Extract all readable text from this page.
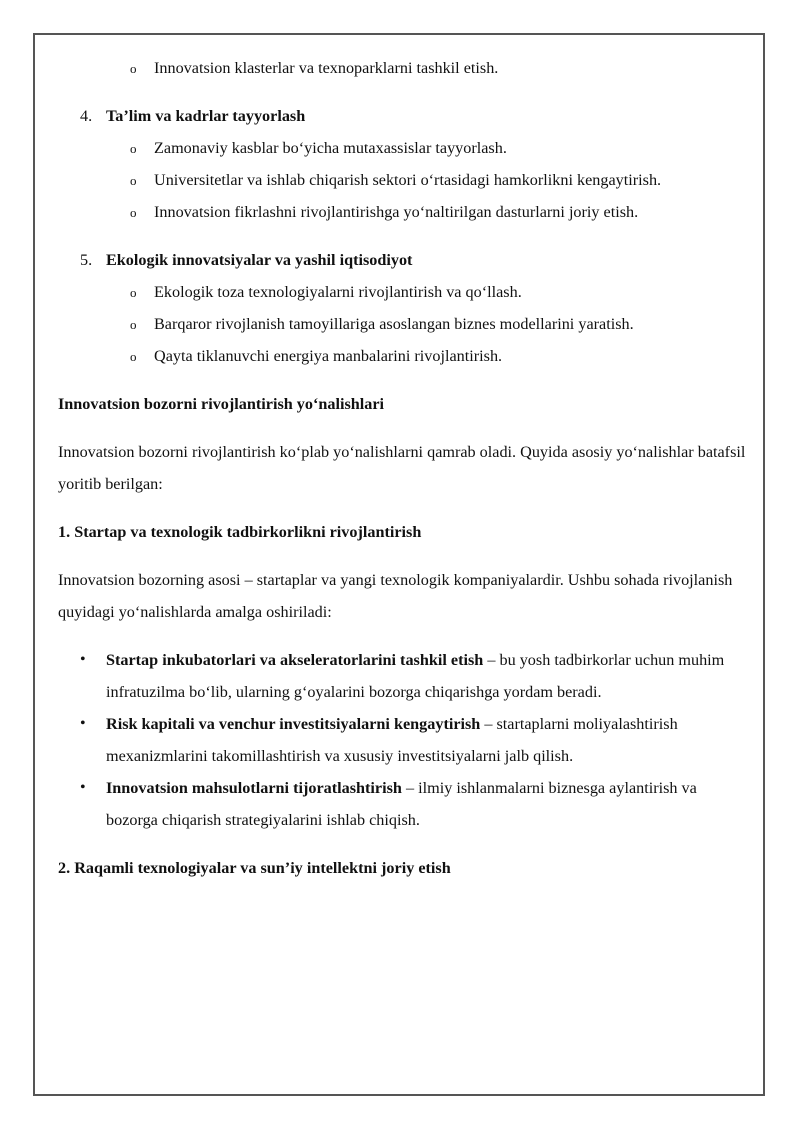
o Innovatsion klasterlar va texnoparklarni tashkil etish.
4. Ta’lim va kadrlar tayyorlash
o Zamonaviy kasblar bo‘yicha mutaxassislar tayyorlash.
o Universitetlar va ishlab chiqarish sektori o‘rtasidagi hamkorlikni kengaytirish.
o Innovatsion fikrlashni rivojlantirishga yo‘naltirilgan dasturlarni joriy etish.
5. Ekologik innovatsiyalar va yashil iqtisodiyot
o Ekologik toza texnologiyalarni rivojlantirish va qo‘llash.
o Barqaror rivojlanish tamoyillariga asoslangan biznes modellarini yaratish.
o Qayta tiklanuvchi energiya manbalarini rivojlantirish.

Innovatsion bozorni rivojlantirish yo‘nalishlari

Innovatsion bozorni rivojlantirish ko‘plab yo‘nalishlarni qamrab oladi. Quyida asosiy yo‘nalishlar batafsil yoritib berilgan:

1. Startap va texnologik tadbirkorlikni rivojlantirish

Innovatsion bozorning asosi – startaplar va yangi texnologik kompaniyalardir. Ushbu sohada rivojlanish quyidagi yo‘nalishlarda amalga oshiriladi:

• Startap inkubatorlari va akseleratorlarini tashkil etish – bu yosh tadbirkorlar uchun muhim infratuzilma bo‘lib, ularning g‘oyalarini bozorga chiqarishga yordam beradi.
• Risk kapitali va venchur investitsiyalarni kengaytirish – startaplarni moliyalashtirish mexanizmlarini takomillashtirish va xususiy investitsiyalarni jalb qilish.
• Innovatsion mahsulotlarni tijoratlashtirish – ilmiy ishlanmalarni biznesga aylantirish va bozorga chiqarish strategiyalarini ishlab chiqish.

2. Raqamli texnologiyalar va sun’iy intellektni joriy etish
